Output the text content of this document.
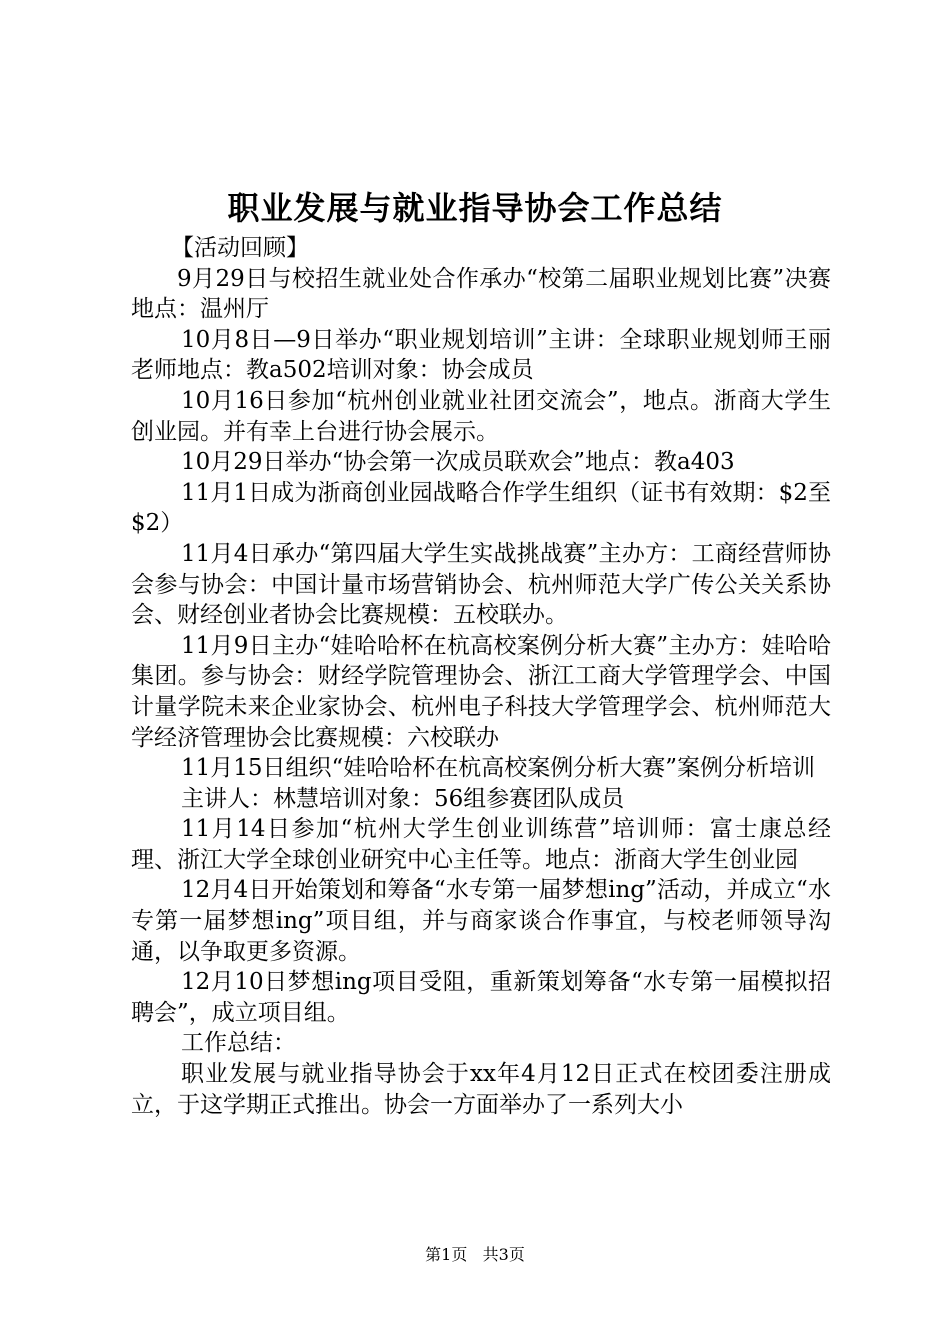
职业发展与就业指导协会工作总结

【活动回顾】

9月29日与校招生就业处合作承办“校第二届职业规划比赛”决赛地点：温州厅

10月8日—9日举办“职业规划培训”主讲：全球职业规划师王丽老师地点：教a502培训对象：协会成员

10月16日参加“杭州创业就业社团交流会”，地点。浙商大学生创业园。并有幸上台进行协会展示。

10月29日举办“协会第一次成员联欢会”地点：教a403

11月1日成为浙商创业园战略合作学生组织（证书有效期：$2至$2）

11月4日承办“第四届大学生实战挑战赛”主办方：工商经营师协会参与协会：中国计量市场营销协会、杭州师范大学广传公关关系协会、财经创业者协会比赛规模：五校联办。

11月9日主办“娃哈哈杯在杭高校案例分析大赛”主办方：娃哈哈集团。参与协会：财经学院管理协会、浙江工商大学管理学会、中国计量学院未来企业家协会、杭州电子科技大学管理学会、杭州师范大学经济管理协会比赛规模：六校联办

11月15日组织“娃哈哈杯在杭高校案例分析大赛”案例分析培训

主讲人：林慧培训对象：56组参赛团队成员

11月14日参加“杭州大学生创业训练营”培训师：富士康总经理、浙江大学全球创业研究中心主任等。地点：浙商大学生创业园

12月4日开始策划和筹备“水专第一届梦想ing”活动，并成立“水专第一届梦想ing”项目组，并与商家谈合作事宜，与校老师领导沟通，以争取更多资源。

12月10日梦想ing项目受阻，重新策划筹备“水专第一届模拟招聘会”，成立项目组。

工作总结：

职业发展与就业指导协会于xx年4月12日正式在校团委注册成立，于这学期正式推出。协会一方面举办了一系列大小

第1页 共3页
